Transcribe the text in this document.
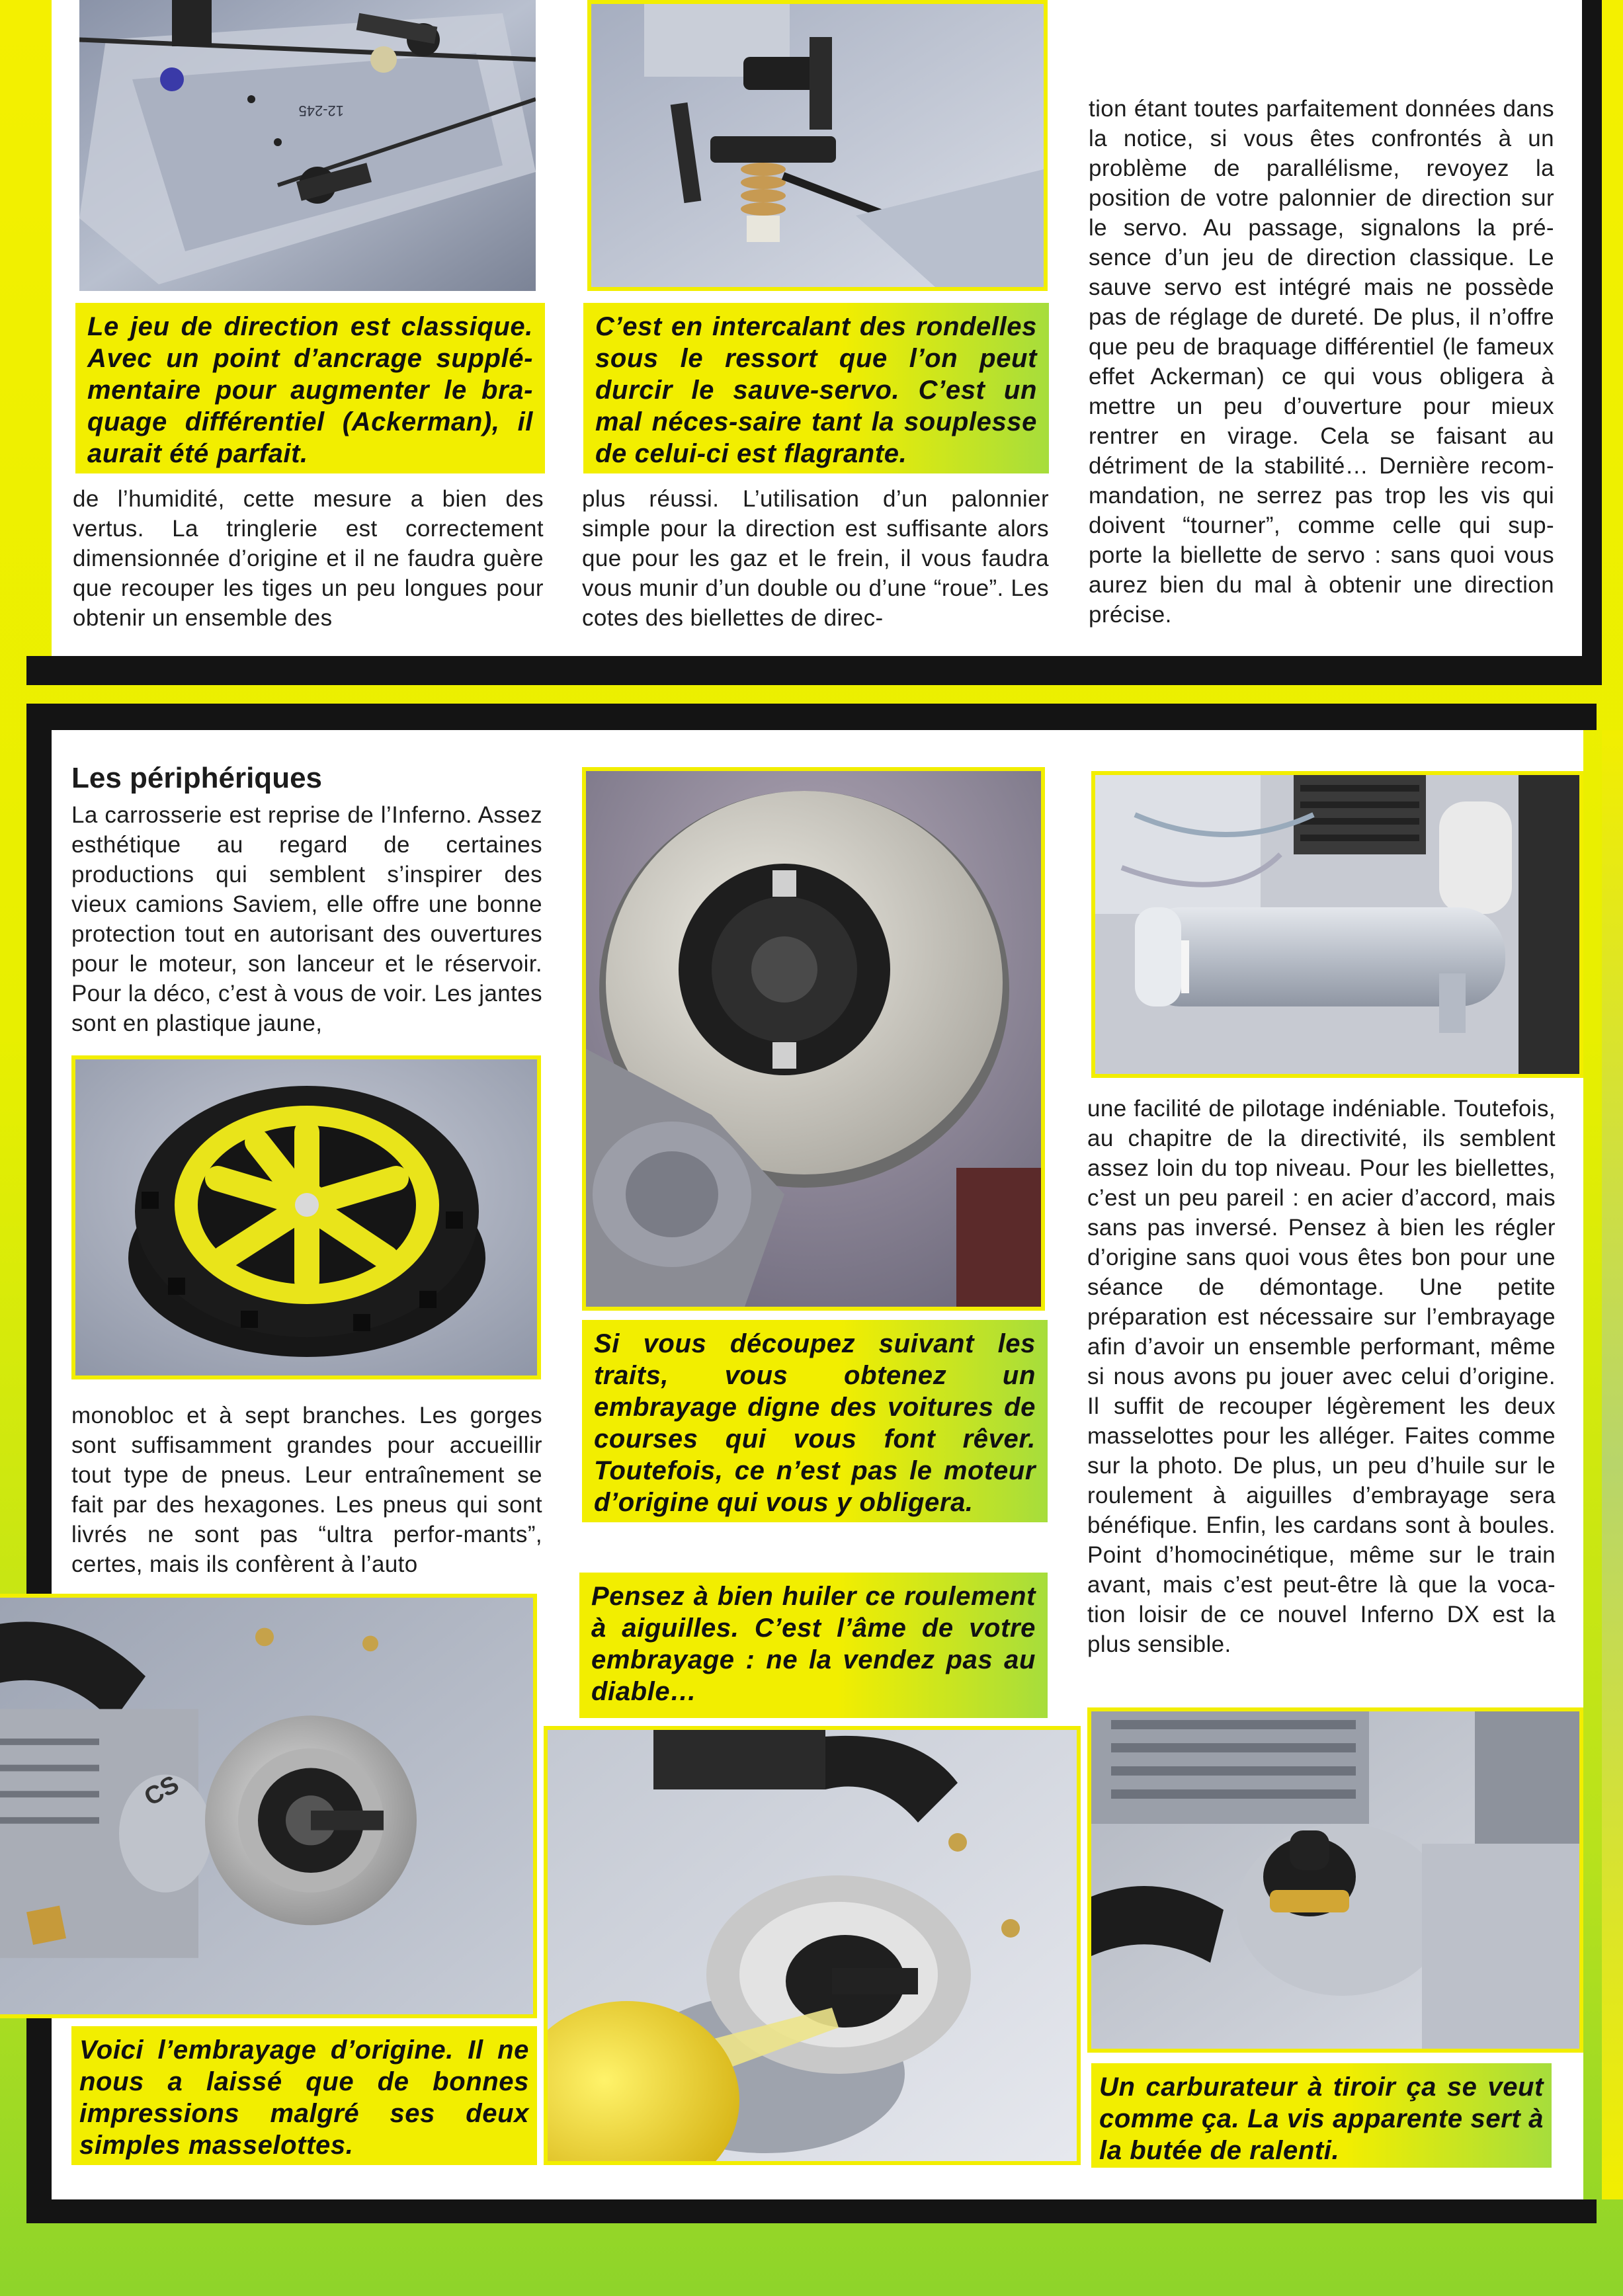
12-245
Le jeu de direction est classique. Avec un point d’ancrage supplé-mentaire pour augmenter le bra-quage différentiel (Ackerman), il aurait été parfait.
C’est en intercalant des rondelles sous le ressort que l’on peut durcir le sauve-servo. C’est un mal néces-saire tant la souplesse de celui-ci est flagrante.

de l’humidité, cette mesure a bien des vertus. La tringlerie est correctement dimensionnée d’origine et il ne faudra guère que recouper les tiges un peu longues pour obtenir un ensemble des

plus réussi. L’utilisation d’un palonnier simple pour la direction est suffisante alors que pour les gaz et le frein, il vous faudra vous munir d’un double ou d’une “roue”. Les cotes des biellettes de direc-

tion étant toutes parfaitement données dans la notice, si vous êtes confrontés à un problème de parallélisme, revoyez la position de votre palonnier de direction sur le servo. Au passage, signalons la pré-sence d’un jeu de direction classique. Le sauve servo est intégré mais ne possède pas de réglage de dureté. De plus, il n’offre que peu de braquage différentiel (le fameux effet Ackerman) ce qui vous obligera à mettre un peu d’ouverture pour mieux rentrer en virage. Cela se faisant au détriment de la stabilité… Dernière recom-mandation, ne serrez pas trop les vis qui doivent “tourner”, comme celle qui sup-porte la biellette de servo : sans quoi vous aurez bien du mal à obtenir une direction précise.

Les périphériques

La carrosserie est reprise de l’Inferno. Assez esthétique au regard de certaines productions qui semblent s’inspirer des vieux camions Saviem, elle offre une bonne protection tout en autorisant des ouvertures pour le moteur, son lanceur et le réservoir. Pour la déco, c’est à vous de voir. Les jantes sont en plastique jaune,

monobloc et à sept branches. Les gorges sont suffisamment grandes pour accueillir tout type de pneus. Leur entraînement se fait par des hexagones. Les pneus qui sont livrés ne sont pas “ultra perfor-mants”, certes, mais ils confèrent à l’auto

Si vous découpez suivant les traits, vous obtenez un embrayage digne des voitures de courses qui vous font rêver. Toutefois, ce n’est pas le moteur d’origine qui vous y obligera.
Pensez à bien huiler ce roulement à aiguilles. C’est l’âme de votre embrayage : ne la vendez pas au diable…

une facilité de pilotage indéniable. Toutefois, au chapitre de la directivité, ils semblent assez loin du top niveau. Pour les biellettes, c’est un peu pareil : en acier d’accord, mais sans pas inversé. Pensez à bien les régler d’origine sans quoi vous êtes bon pour une séance de démontage. Une petite préparation est nécessaire sur l’embrayage afin d’avoir un ensemble performant, même si nous avons pu jouer avec celui d’origine. Il suffit de recouper légèrement les deux masselottes pour les alléger. Faites comme sur la photo. De plus, un peu d’huile sur le roulement à aiguilles d’embrayage sera bénéfique. Enfin, les cardans sont à boules. Point d’homocinétique, même sur le train avant, mais c’est peut-être là que la voca-tion loisir de ce nouvel Inferno DX est la plus sensible.

CS
Voici l’embrayage d’origine. Il ne nous a laissé que de bonnes impressions malgré ses deux simples masselottes.
Un carburateur à tiroir ça se veut comme ça. La vis apparente sert à la butée de ralenti.
